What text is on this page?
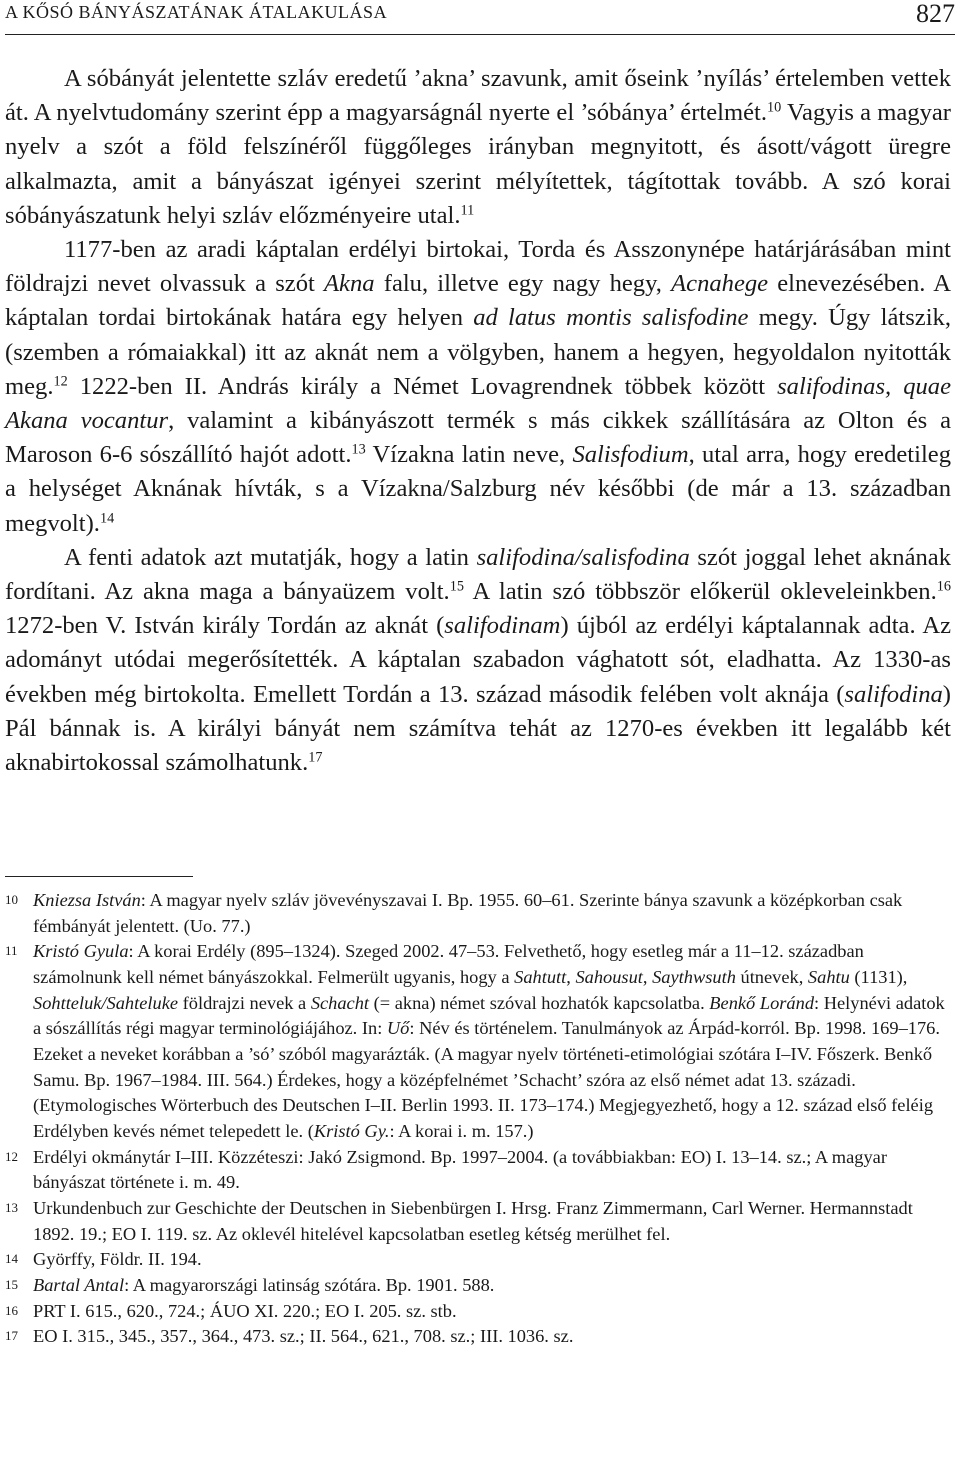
A KŐSÓ BÁNYÁSZATÁNAK ÁTALAKULÁSA	827

A sóbányát jelentette szláv eredetű ’akna’ szavunk, amit őseink ’nyílás’ értelemben vettek át. A nyelvtudomány szerint épp a magyarságnál nyerte el ’sóbánya’ értelmét.$^{10}$ Vagyis a magyar nyelv a szót a föld felszínéről függőleges irányban megnyitott, és ásott/vágott üregre alkalmazta, amit a bányászat igényei szerint mélyítettek, tágítottak tovább. A szó korai sóbányászatunk helyi szláv előzményeire utal.$^{11}$

1177-ben az aradi káptalan erdélyi birtokai, Torda és Asszonynépe határjárásában mint földrajzi nevet olvassuk a szót Akna falu, illetve egy nagy hegy, Acnahege elnevezésében. A káptalan tordai birtokának határa egy helyen ad latus montis salisfodine megy. Úgy látszik, (szemben a rómaiakkal) itt az aknát nem a völgyben, hanem a hegyen, hegyoldalon nyitották meg.$^{12}$ 1222-ben II. András király a Német Lovagrendnek többek között salifodinas, quae Akana vocantur, valamint a kibányászott termék s más cikkek szállítására az Olton és a Maroson 6-6 sószállító hajót adott.$^{13}$ Vízakna latin neve, Salisfodium, utal arra, hogy eredetileg a helységet Aknának hívták, s a Vízakna/Salzburg név későbbi (de már a 13. században megvolt).$^{14}$

A fenti adatok azt mutatják, hogy a latin salifodina/salisfodina szót joggal lehet aknának fordítani. Az akna maga a bányaüzem volt.$^{15}$ A latin szó többször előkerül okleveleinkben.$^{16}$ 1272-ben V. István király Tordán az aknát (salifodinam) újból az erdélyi káptalannak adta. Az adományt utódai megerősítették. A káptalan szabadon vághatott sót, eladhatta. Az 1330-as években még birtokolta. Emellett Tordán a 13. század második felében volt aknája (salifodina) Pál bánnak is. A királyi bányát nem számítva tehát az 1270-es években itt legalább két aknabirtokossal számolhatunk.$^{17}$

10 Kniezsa István: A magyar nyelv szláv jövevényszavai I. Bp. 1955. 60–61. Szerinte bánya szavunk a középkorban csak fémbányát jelentett. (Uo. 77.)
11 Kristó Gyula: A korai Erdély (895–1324). Szeged 2002. 47–53. Felvethető, hogy esetleg már a 11–12. században számolnunk kell német bányászokkal. Felmerült ugyanis, hogy a Sahtutt, Sahousut, Saythwsuth útnevek, Sahtu (1131), Sohtteluk/Sahteluke földrajzi nevek a Schacht (= akna) német szóval hozhatók kapcsolatba. Benkő Loránd: Helynévi adatok a sószállítás régi magyar terminológiájához. In: Uő: Név és történelem. Tanulmányok az Árpád-korról. Bp. 1998. 169–176. Ezeket a neveket korábban a ’só’ szóból magyarázták. (A magyar nyelv történeti-etimológiai szótára I–IV. Főszerk. Benkő Samu. Bp. 1967–1984. III. 564.) Érdekes, hogy a középfelnémet ’Schacht’ szóra az első német adat 13. századi. (Etymologisches Wörterbuch des Deutschen I–II. Berlin 1993. II. 173–174.) Megjegyezhető, hogy a 12. század első feléig Erdélyben kevés német telepedett le. (Kristó Gy.: A korai i. m. 157.)
12 Erdélyi okmánytár I–III. Közzéteszi: Jakó Zsigmond. Bp. 1997–2004. (a továbbiakban: EO) I. 13–14. sz.; A magyar bányászat története i. m. 49.
13 Urkundenbuch zur Geschichte der Deutschen in Siebenbürgen I. Hrsg. Franz Zimmermann, Carl Werner. Hermannstadt 1892. 19.; EO I. 119. sz. Az oklevél hitelével kapcsolatban esetleg kétség merülhet fel.
14 Györffy, Földr. II. 194.
15 Bartal Antal: A magyarországi latinság szótára. Bp. 1901. 588.
16 PRT I. 615., 620., 724.; ÁUO XI. 220.; EO I. 205. sz. stb.
17 EO I. 315., 345., 357., 364., 473. sz.; II. 564., 621., 708. sz.; III. 1036. sz.
